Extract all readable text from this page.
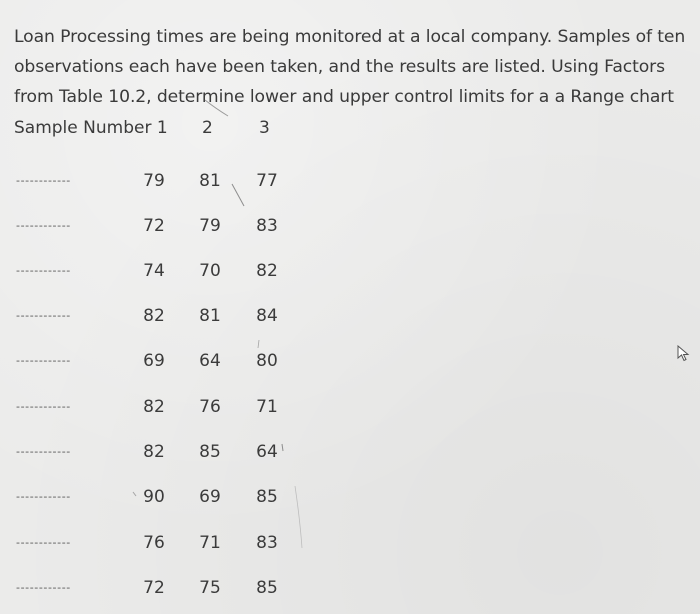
Loan Processing times are being monitored at a local company. Samples of ten observations each have been taken, and the results are listed. Using Factors from Table 10.2, determine lower and upper control limits for a a Range chart
Sample Number 1 2	3
------------	79	81	77
------------	72	79	83
------------	74	70	82
------------	82	81	84
------------	69	64	80
------------	82	76	71
------------	82	85	64
------------	90	69	85
------------	76	71	83
------------	72	75	85
